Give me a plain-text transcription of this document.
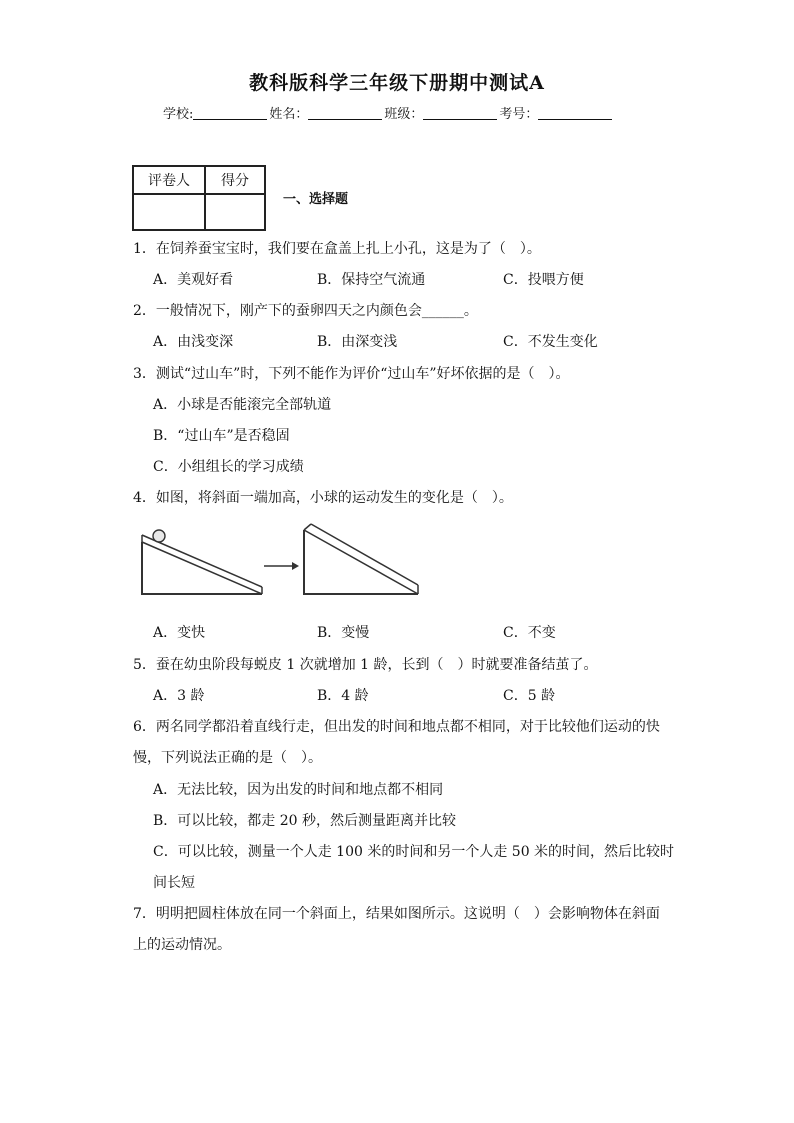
教科版科学三年级下册期中测试A
学校:	姓名：	班级：	考号：
评卷人	得分

一、选择题
1．在饲养蚕宝宝时，我们要在盒盖上扎上小孔，这是为了（　）。
A．美观好看	B．保持空气流通	C．投喂方便
2．一般情况下，刚产下的蚕卵四天之内颜色会______。
A．由浅变深	B．由深变浅	C．不发生变化
3．测试“过山车”时，下列不能作为评价“过山车”好坏依据的是（　）。
A．小球是否能滚完全部轨道
B．“过山车”是否稳固
C．小组组长的学习成绩
4．如图，将斜面一端加高，小球的运动发生的变化是（　）。
A．变快	B．变慢	C．不变
5．蚕在幼虫阶段每蜕皮 1 次就增加 1 龄，长到（　）时就要准备结茧了。
A．3 龄	B．4 龄	C．5 龄
6．两名同学都沿着直线行走，但出发的时间和地点都不相同，对于比较他们运动的快
慢，下列说法正确的是（　）。
A．无法比较，因为出发的时间和地点都不相同
B．可以比较，都走 20 秒，然后测量距离并比较
C．可以比较，测量一个人走 100 米的时间和另一个人走 50 米的时间，然后比较时
间长短
7．明明把圆柱体放在同一个斜面上，结果如图所示。这说明（　）会影响物体在斜面
上的运动情况。
